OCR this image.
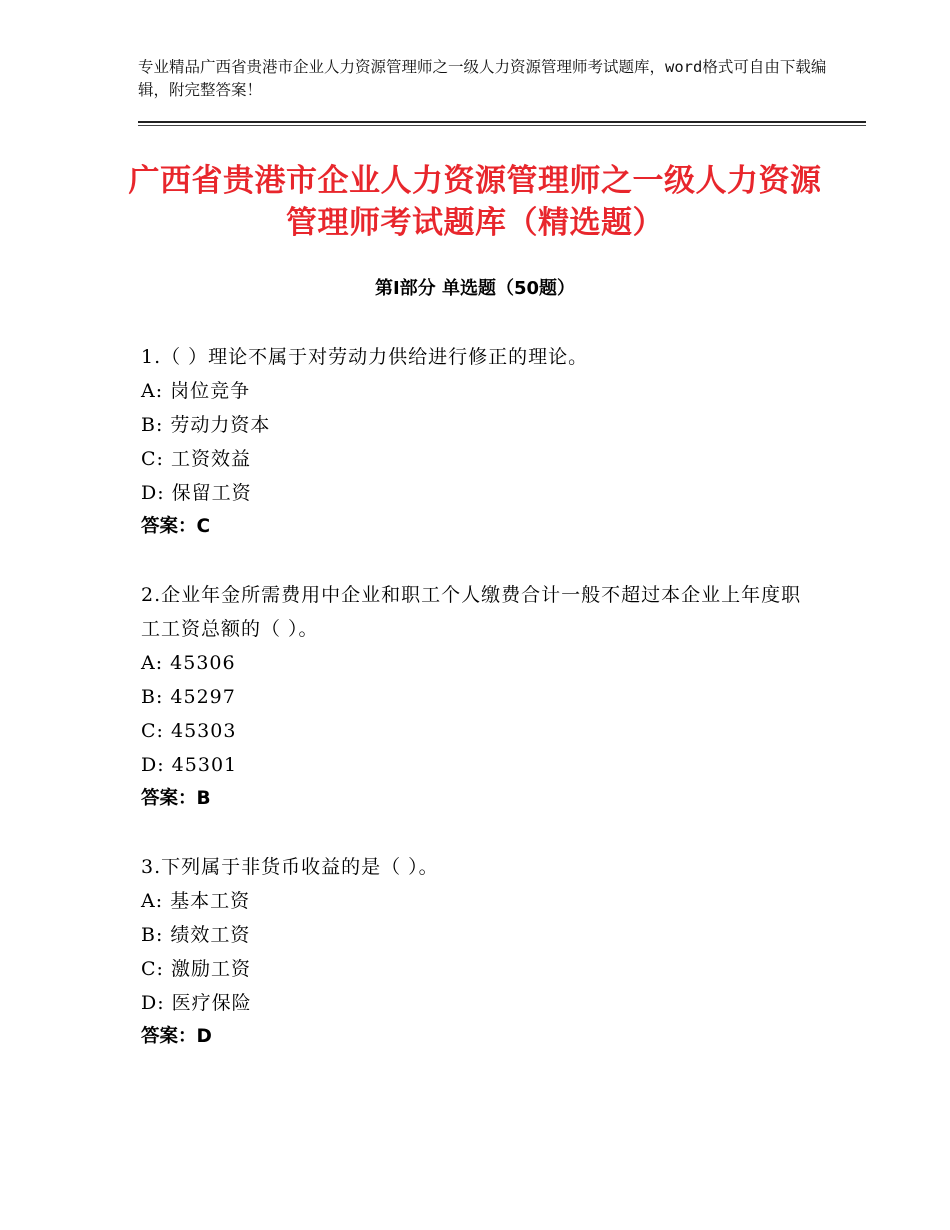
专业精品广西省贵港市企业人力资源管理师之一级人力资源管理师考试题库，word格式可自由下载编辑，附完整答案！
广西省贵港市企业人力资源管理师之一级人力资源管理师考试题库（精选题）
第Ⅰ部分 单选题（50题）
1.（ ）理论不属于对劳动力供给进行修正的理论。
A: 岗位竞争
B: 劳动力资本
C: 工资效益
D: 保留工资
答案：C
2.企业年金所需费用中企业和职工个人缴费合计一般不超过本企业上年度职工工资总额的（ ）。
A: 45306
B: 45297
C: 45303
D: 45301
答案：B
3.下列属于非货币收益的是（ ）。
A: 基本工资
B: 绩效工资
C: 激励工资
D: 医疗保险
答案：D
